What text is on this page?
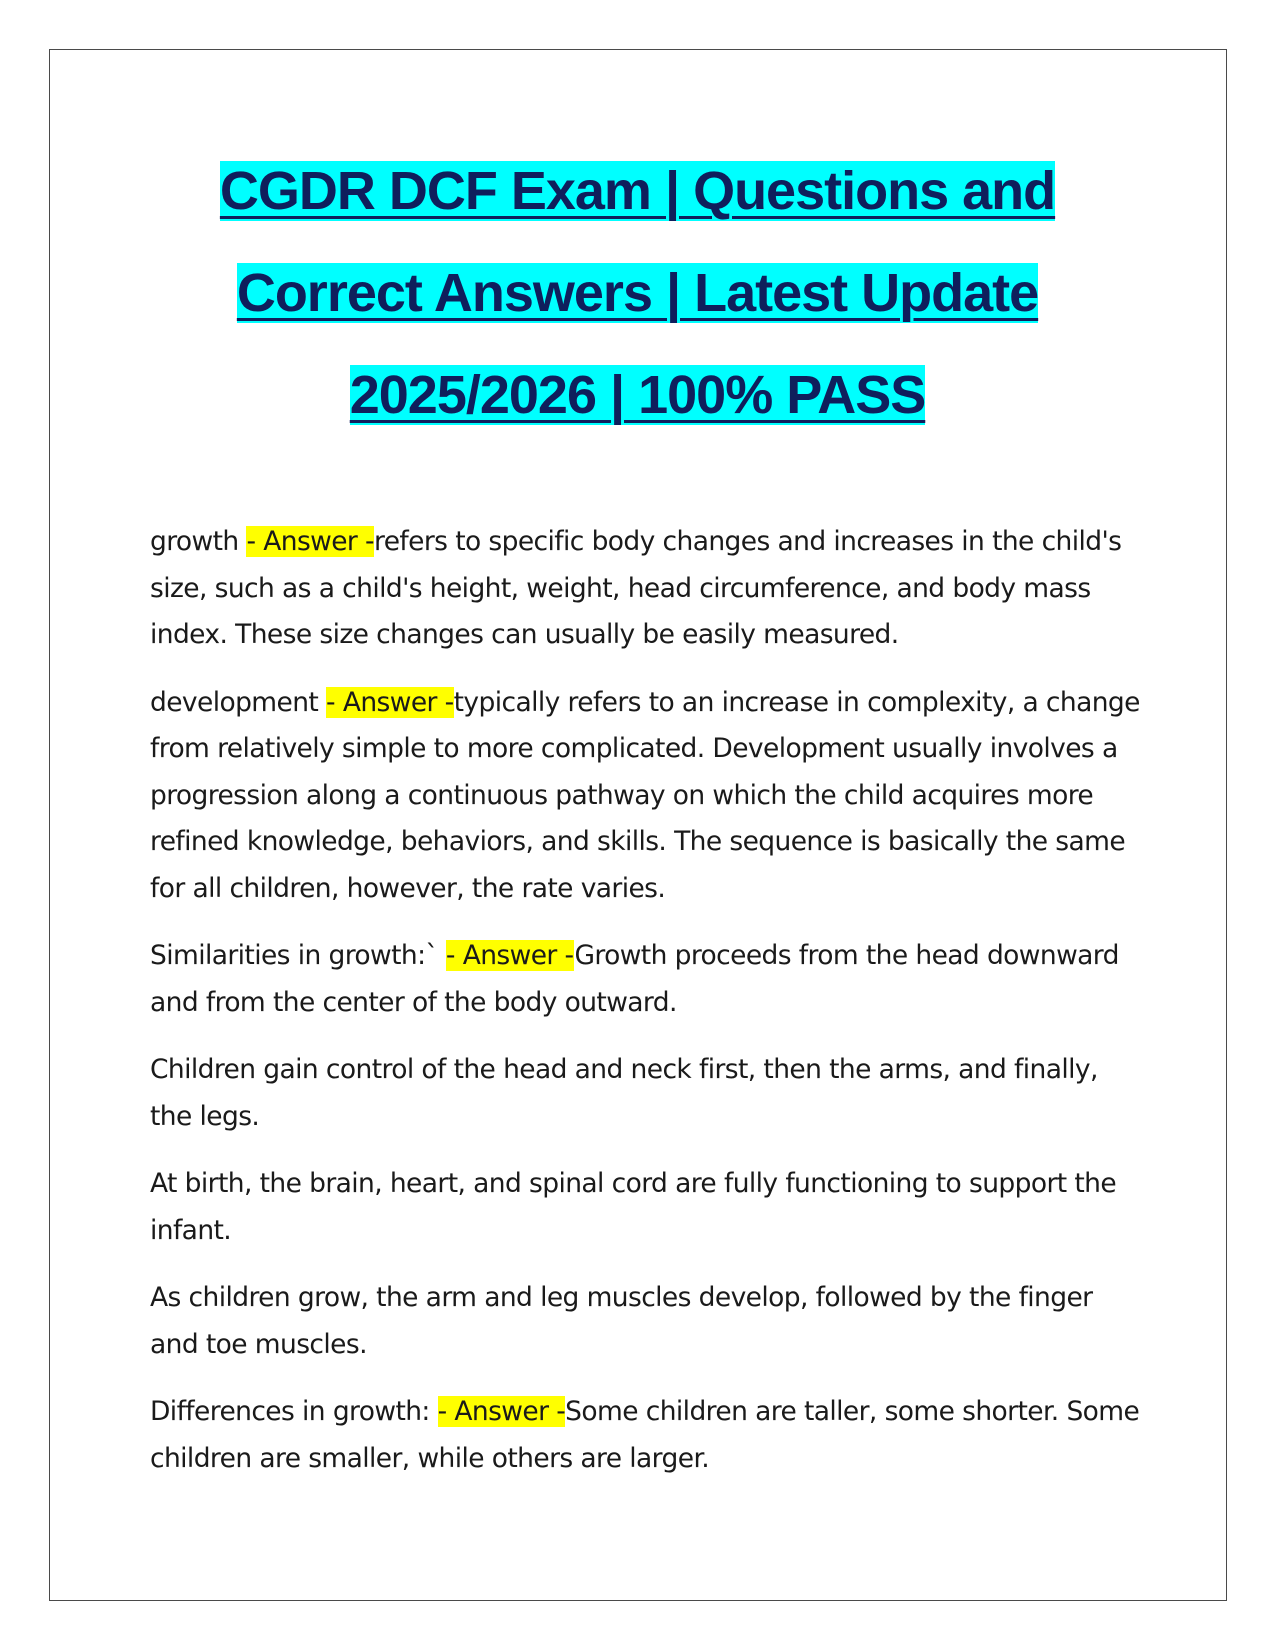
CGDR DCF Exam | Questions and
Correct Answers | Latest Update
2025/2026 | 100% PASS

growth - Answer -refers to specific body changes and increases in the child's size, such as a child's height, weight, head circumference, and body mass index. These size changes can usually be easily measured.

development - Answer -typically refers to an increase in complexity, a change from relatively simple to more complicated. Development usually involves a progression along a continuous pathway on which the child acquires more refined knowledge, behaviors, and skills. The sequence is basically the same for all children, however, the rate varies.

Similarities in growth:` - Answer -Growth proceeds from the head downward and from the center of the body outward.

Children gain control of the head and neck first, then the arms, and finally, the legs.

At birth, the brain, heart, and spinal cord are fully functioning to support the infant.

As children grow, the arm and leg muscles develop, followed by the finger and toe muscles.

Differences in growth: - Answer -Some children are taller, some shorter. Some children are smaller, while others are larger.
